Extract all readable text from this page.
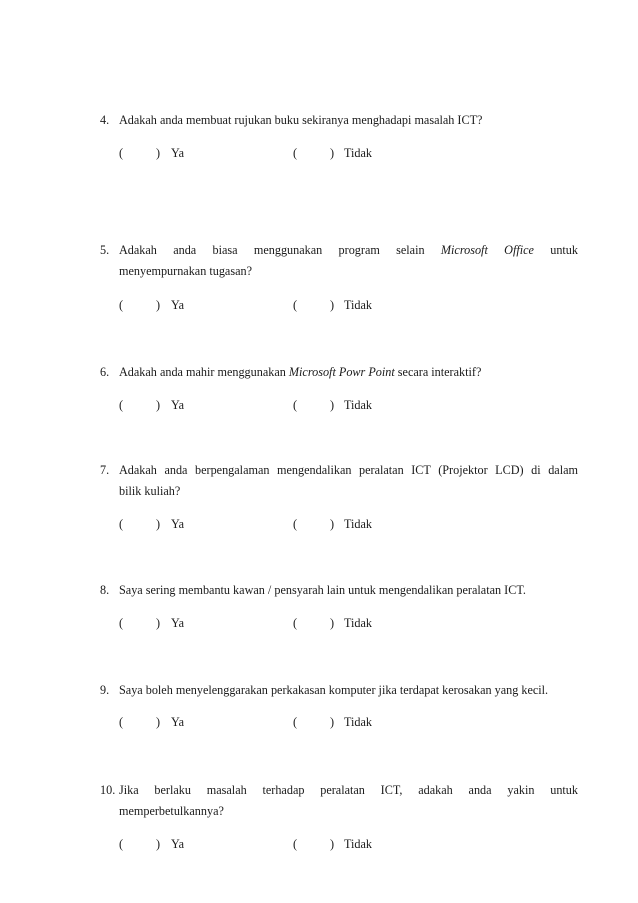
4. Adakah anda membuat rujukan buku sekiranya menghadapi masalah ICT?
(	) Ya	(	) Tidak
5. Adakah anda biasa menggunakan program selain Microsoft Office untuk
menyempurnakan tugasan?
(	) Ya	(	) Tidak
6. Adakah anda mahir menggunakan Microsoft Powr Point secara interaktif?
(	) Ya	(	) Tidak
7. Adakah anda berpengalaman mengendalikan peralatan ICT (Projektor LCD) di dalam
bilik kuliah?
(	) Ya	(	) Tidak
8. Saya sering membantu kawan / pensyarah lain untuk mengendalikan peralatan ICT.
(	) Ya	(	) Tidak
9. Saya boleh menyelenggarakan perkakasan komputer jika terdapat kerosakan yang kecil.
(	) Ya	(	) Tidak
10. Jika berlaku masalah terhadap peralatan ICT, adakah anda yakin untuk
memperbetulkannya?
(	) Ya	(	) Tidak
